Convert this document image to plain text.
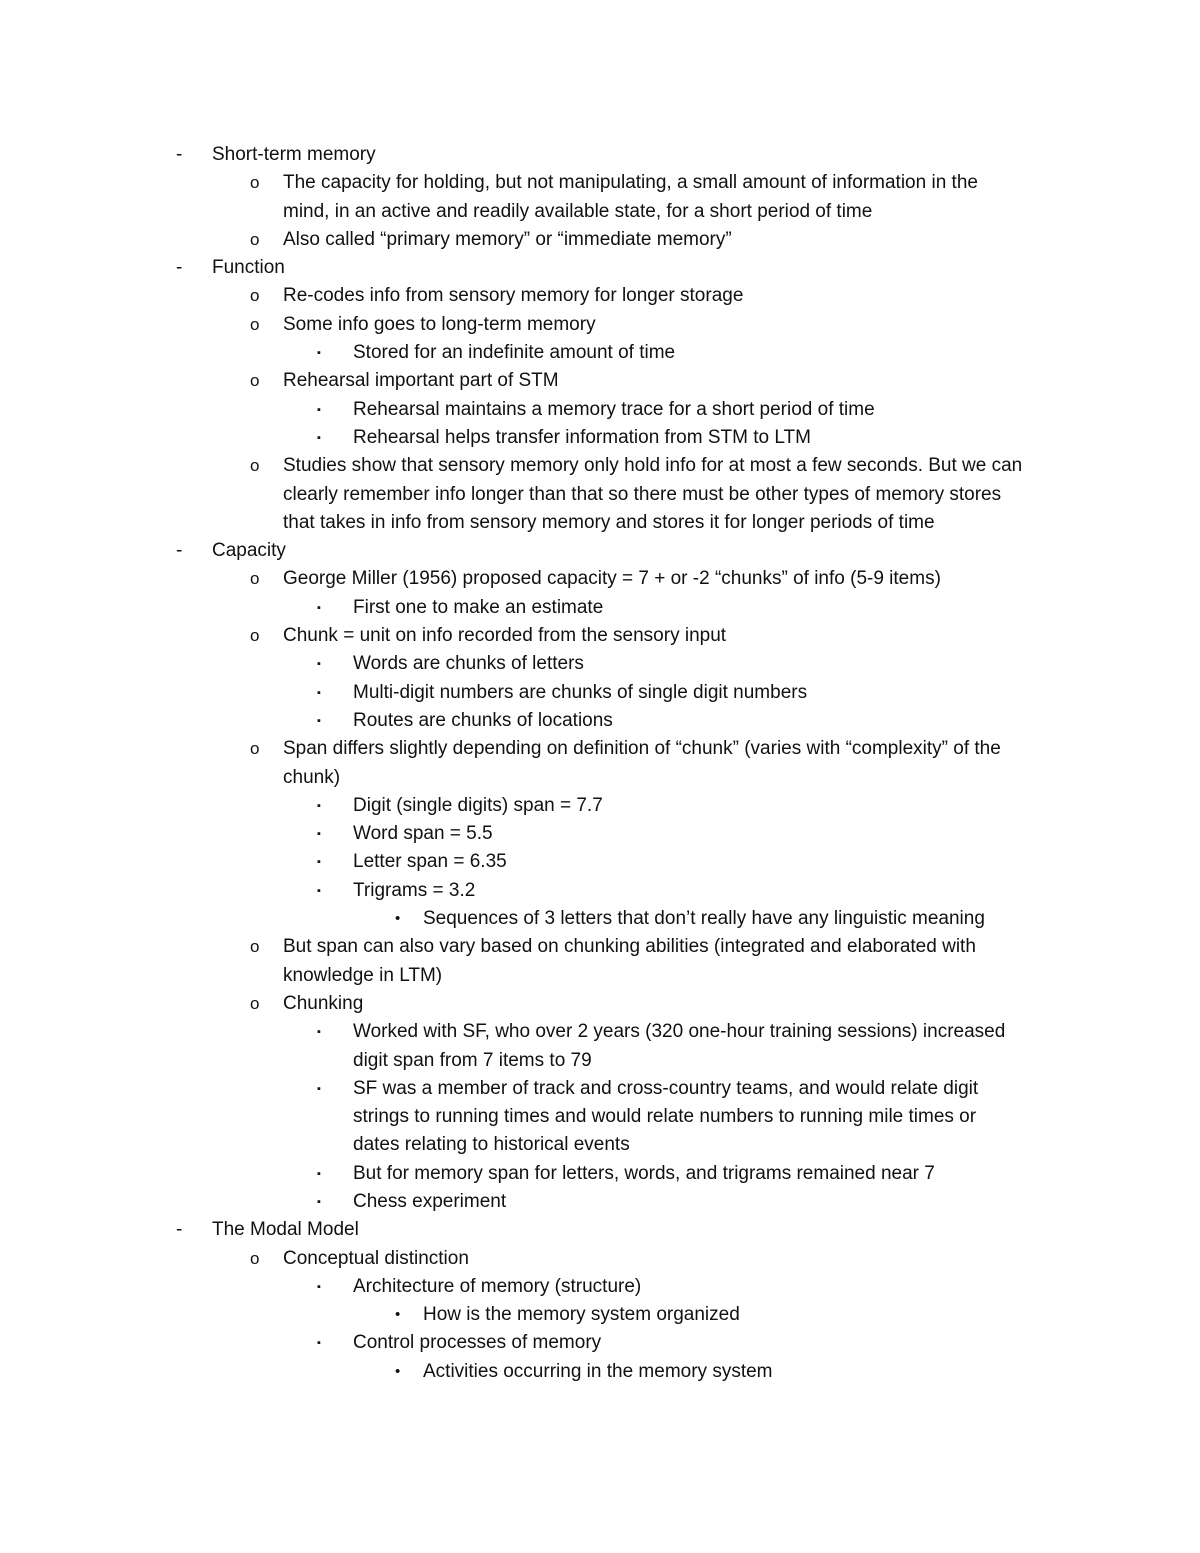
- Short-term memory
o The capacity for holding, but not manipulating, a small amount of information in the
mind, in an active and readily available state, for a short period of time
o Also called “primary memory” or “immediate memory”
- Function
o Re-codes info from sensory memory for longer storage
o Some info goes to long-term memory
▪ Stored for an indefinite amount of time
o Rehearsal important part of STM
▪ Rehearsal maintains a memory trace for a short period of time
▪ Rehearsal helps transfer information from STM to LTM
o Studies show that sensory memory only hold info for at most a few seconds. But we can
clearly remember info longer than that so there must be other types of memory stores
that takes in info from sensory memory and stores it for longer periods of time
- Capacity
o George Miller (1956) proposed capacity = 7 + or -2 “chunks” of info (5-9 items)
▪ First one to make an estimate
o Chunk = unit on info recorded from the sensory input
▪ Words are chunks of letters
▪ Multi-digit numbers are chunks of single digit numbers
▪ Routes are chunks of locations
o Span differs slightly depending on definition of “chunk” (varies with “complexity” of the
chunk)
▪ Digit (single digits) span = 7.7
▪ Word span = 5.5
▪ Letter span = 6.35
▪ Trigrams = 3.2
• Sequences of 3 letters that don’t really have any linguistic meaning
o But span can also vary based on chunking abilities (integrated and elaborated with
knowledge in LTM)
o Chunking
▪ Worked with SF, who over 2 years (320 one-hour training sessions) increased
digit span from 7 items to 79
▪ SF was a member of track and cross-country teams, and would relate digit
strings to running times and would relate numbers to running mile times or
dates relating to historical events
▪ But for memory span for letters, words, and trigrams remained near 7
▪ Chess experiment
- The Modal Model
o Conceptual distinction
▪ Architecture of memory (structure)
• How is the memory system organized
▪ Control processes of memory
• Activities occurring in the memory system
